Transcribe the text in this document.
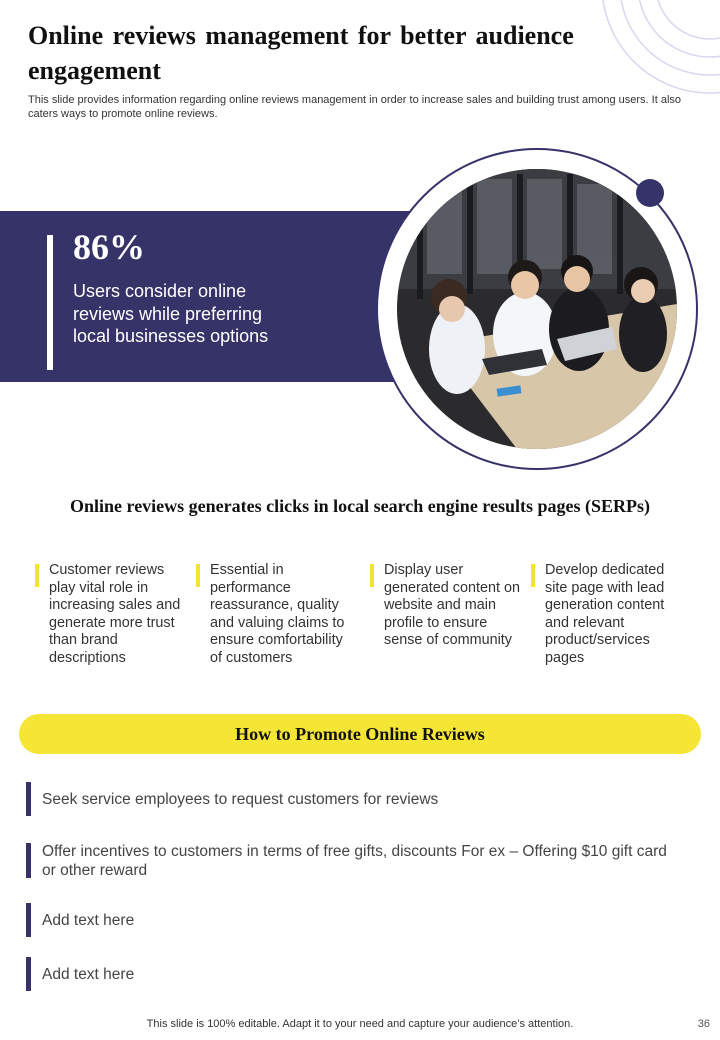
Online reviews management for better audience engagement

This slide provides information regarding online reviews management in order to increase sales and building trust among users. It also caters ways to promote online reviews.

86%

Users consider online reviews while preferring local businesses options

Online reviews generates clicks in local search engine results pages (SERPs)

Customer reviews play vital role in increasing sales and generate more trust than brand descriptions

Essential in performance reassurance, quality and valuing claims to ensure comfortability of customers

Display user generated content on website and main profile to ensure sense of community

Develop dedicated site page with lead generation content and relevant product/services pages

How to Promote Online Reviews

Seek service employees to request customers for reviews

Offer incentives to customers in terms of free gifts, discounts For ex – Offering $10 gift card or other reward

Add text here

Add text here

This slide is 100% editable. Adapt it to your need and capture your audience’s attention.	36
